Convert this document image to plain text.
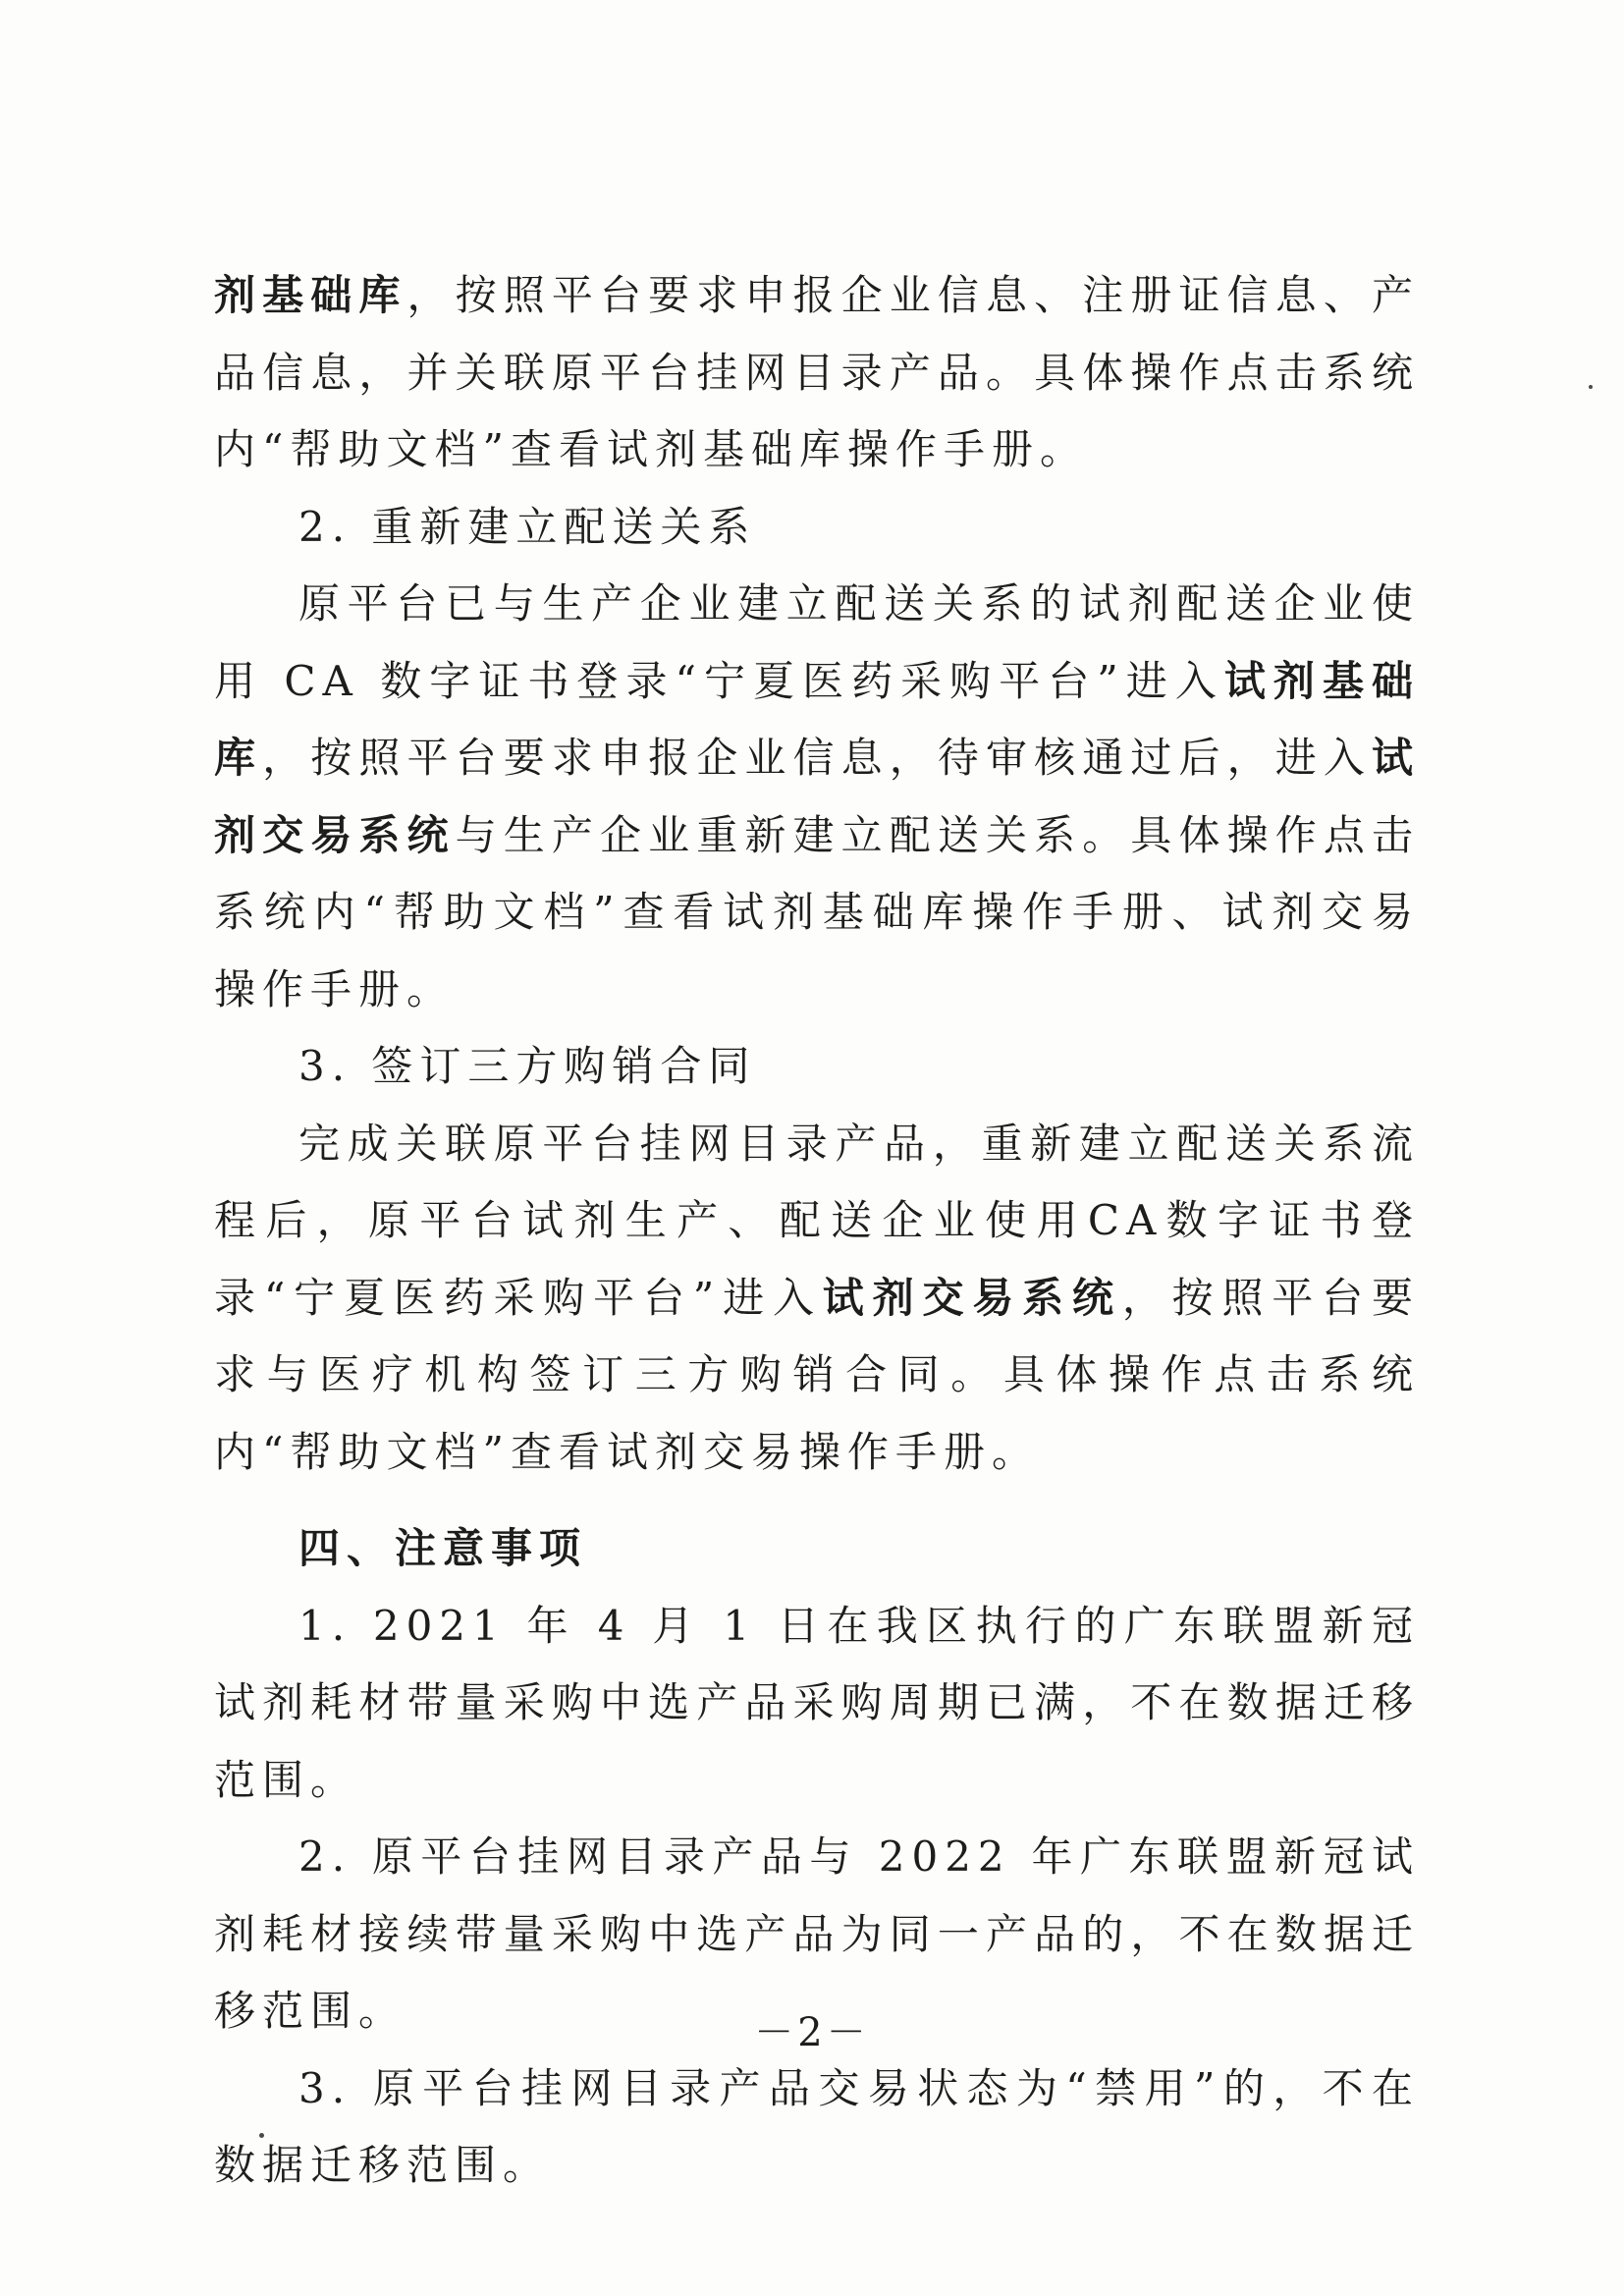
剂基础库，按照平台要求申报企业信息、注册证信息、产品信息，并关联原平台挂网目录产品。具体操作点击系统内“帮助文档”查看试剂基础库操作手册。

2. 重新建立配送关系

原平台已与生产企业建立配送关系的试剂配送企业使用 CA 数字证书登录“宁夏医药采购平台”进入试剂基础库，按照平台要求申报企业信息，待审核通过后，进入试剂交易系统与生产企业重新建立配送关系。具体操作点击系统内“帮助文档”查看试剂基础库操作手册、试剂交易操作手册。

3. 签订三方购销合同

完成关联原平台挂网目录产品，重新建立配送关系流程后，原平台试剂生产、配送企业使用CA数字证书登录“宁夏医药采购平台”进入试剂交易系统，按照平台要求与医疗机构签订三方购销合同。具体操作点击系统内“帮助文档”查看试剂交易操作手册。

四、注意事项

1. 2021 年 4 月 1 日在我区执行的广东联盟新冠试剂耗材带量采购中选产品采购周期已满，不在数据迁移范围。

2. 原平台挂网目录产品与 2022 年广东联盟新冠试剂耗材接续带量采购中选产品为同一产品的，不在数据迁移范围。

3. 原平台挂网目录产品交易状态为“禁用”的，不在数据迁移范围。

－2－
